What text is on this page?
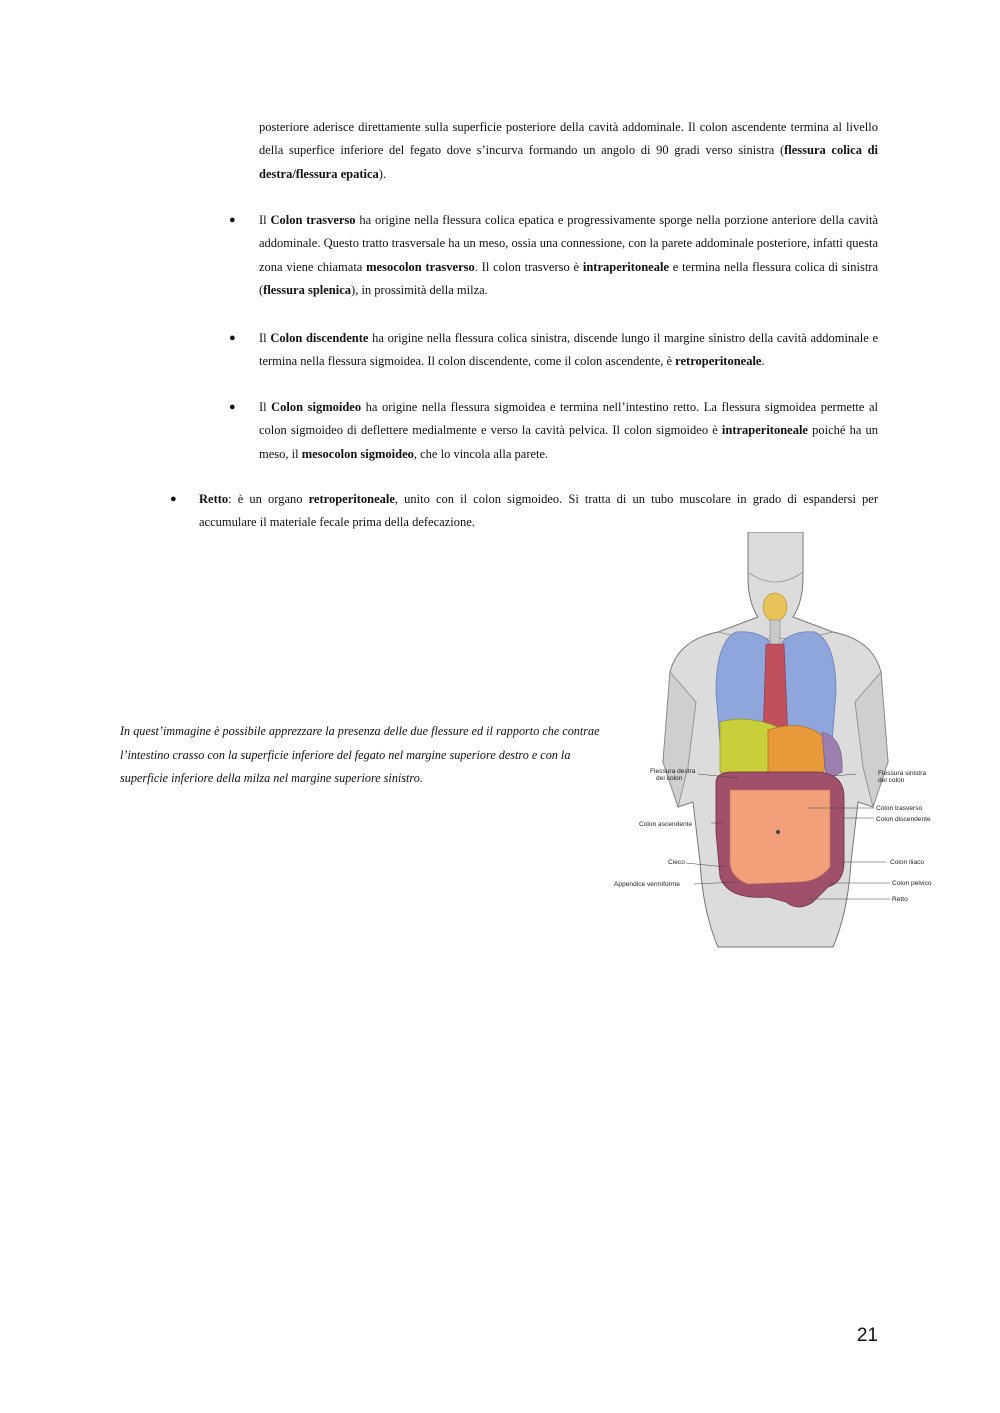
posteriore aderisce direttamente sulla superficie posteriore della cavità addominale. Il colon ascendente termina al livello della superfice inferiore del fegato dove s’incurva formando un angolo di 90 gradi verso sinistra (flessura colica di destra/flessura epatica).

● Il Colon trasverso ha origine nella flessura colica epatica e progressivamente sporge nella porzione anteriore della cavità addominale. Questo tratto trasversale ha un meso, ossia una connessione, con la parete addominale posteriore, infatti questa zona viene chiamata mesocolon trasverso. Il colon trasverso è intraperitoneale e termina nella flessura colica di sinistra (flessura splenica), in prossimità della milza.

● Il Colon discendente ha origine nella flessura colica sinistra, discende lungo il margine sinistro della cavità addominale e termina nella flessura sigmoidea. Il colon discendente, come il colon ascendente, è retroperitoneale.

● Il Colon sigmoideo ha origine nella flessura sigmoidea e termina nell’intestino retto. La flessura sigmoidea permette al colon sigmoideo di deflettere medialmente e verso la cavità pelvica. Il colon sigmoideo è intraperitoneale poiché ha un meso, il mesocolon sigmoideo, che lo vincola alla parete.

● Retto: è un organo retroperitoneale, unito con il colon sigmoideo. Si tratta di un tubo muscolare in grado di espandersi per accumulare il materiale fecale prima della defecazione.

In quest’immagine è possibile apprezzare la presenza delle due flessure ed il rapporto che contrae l’intestino crasso con la superficie inferiore del fegato nel margine superiore destro e con la superficie inferiore della milza nel margine superiore sinistro.	Flessura destra
del colon
Flessura sinistra
del colon
Colon trasverso
Colon discendente
Colon ascendente
Cieco	Colon iliaco
Appendice vermiforme	Colon pelvico
Retto
21
